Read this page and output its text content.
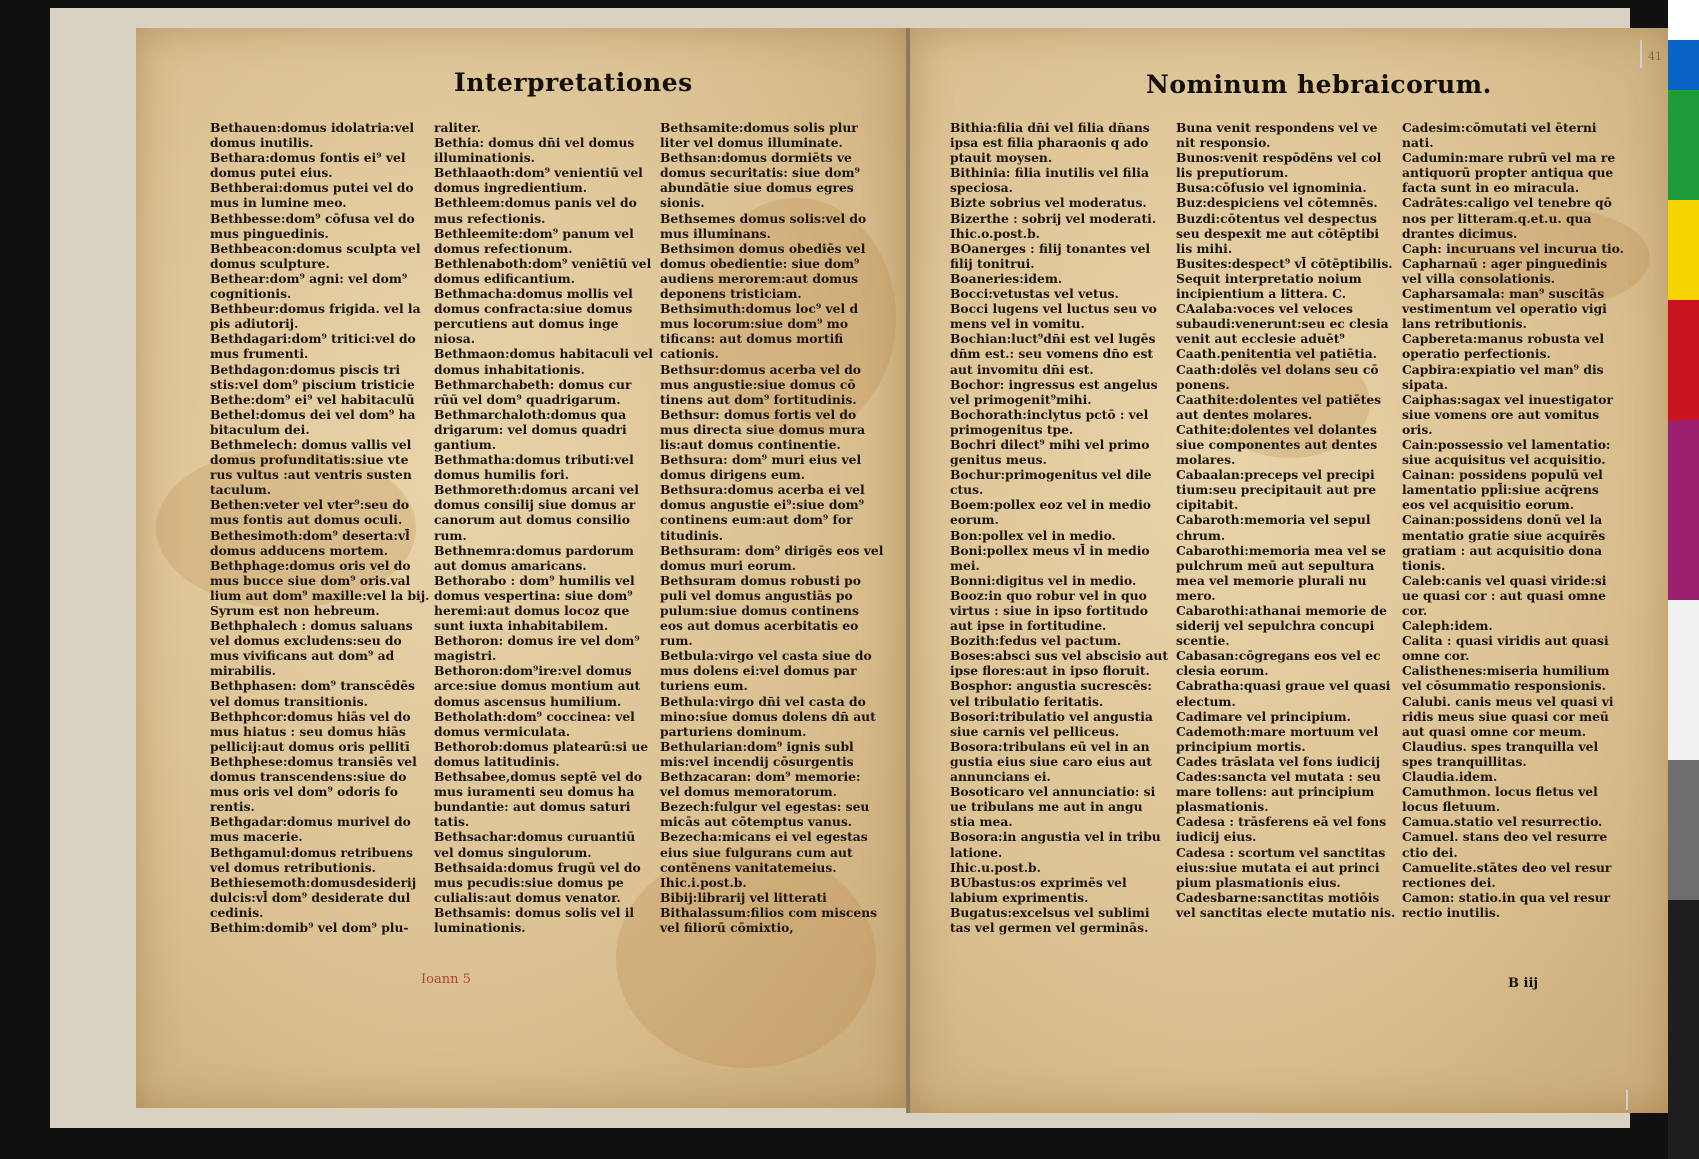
Interpretationes

Bethauen:domus idolatria:vel domus inutilis.
Bethara:domus fontis ei⁹ vel domus putei eius.
Bethberai:domus putei vel do mus in lumine meo.
Bethbesse:dom⁹ cōfusa vel do mus pinguedinis.
Bethbeacon:domus sculpta vel domus sculpture.
Bethear:dom⁹ agni: vel dom⁹ cognitionis.
Bethbeur:domus frigida. vel la pis adiutorij.
Bethdagari:dom⁹ tritici:vel do mus frumenti.
Bethdagon:domus piscis tri stis:vel dom⁹ piscium tristicie
Bethe:dom⁹ ei⁹ vel habitaculū
Bethel:domus dei vel dom⁹ ha bitaculum dei.
Bethmelech: domus vallis vel domus profunditatis:siue vte rus vultus :aut ventris susten taculum.
Bethen:veter vel vter⁹:seu do mus fontis aut domus oculi.
Bethesimoth:dom⁹ deserta:vl̄ domus adducens mortem.
Bethphage:domus oris vel do mus bucce siue dom⁹ oris.val lium aut dom⁹ maxille:vel la bij. Syrum est non hebreum.
Bethphalech : domus saluans vel domus excludens:seu do mus vivificans aut dom⁹ ad mirabilis.
Bethphasen: dom⁹ transcēdēs vel domus transitionis.
Bethphcor:domus hiās vel do mus hiatus : seu domus hiās pellicij:aut domus oris pellitī
Bethphese:domus transiēs vel domus transcendens:siue do mus oris vel dom⁹ odoris fo rentis.
Bethgadar:domus murivel do mus macerie.
Bethgamul:domus retribuens vel domus retributionis.
Bethiesemoth:domusdesiderij dulcis:vl̄ dom⁹ desiderate dul cedinis.
Bethim:domib⁹ vel dom⁹ plu-

raliter.
Bethia: domus dn̄i vel domus illuminationis.
Bethlaaoth:dom⁹ venientiū vel domus ingredientium.
Bethleem:domus panis vel do mus refectionis.
Bethleemite:dom⁹ panum vel domus refectionum.
Bethlenaboth:dom⁹ veniētiū vel domus edificantium.
Bethmacha:domus mollis vel domus confracta:siue domus percutiens aut domus inge niosa.
Bethmaon:domus habitaculi vel domus inhabitationis.
Bethmarchabeth: domus cur rūū vel dom⁹ quadrigarum.
Bethmarchaloth:domus qua drigarum: vel domus quadri gantium.
Bethmatha:domus tributi:vel domus humilis fori.
Bethmoreth:domus arcani vel domus consilij siue domus ar canorum aut domus consilio rum.
Bethnemra:domus pardorum aut domus amaricans.
Bethorabo : dom⁹ humilis vel domus vespertina: siue dom⁹ heremi:aut domus locoz que sunt iuxta inhabitabilem.
Bethoron: domus ire vel dom⁹ magistri.
Bethoron:dom⁹ire:vel domus arce:siue domus montium aut domus ascensus humilium.
Betholath:dom⁹ coccinea: vel domus vermiculata.
Bethorob:domus platearū:si ue domus latitudinis.
Bethsabee,domus septē vel do mus iuramenti seu domus ha bundantie: aut domus saturi tatis.
Bethsachar:domus curuantiū vel domus singulorum.
Bethsaida:domus frugū vel do mus pecudis:siue domus pe culialis:aut domus venator.
Bethsamis: domus solis vel il luminationis.

Bethsamite:domus solis plur liter vel domus illuminate.
Bethsan:domus dormiēts ve domus securitatis: siue dom⁹ abundātie siue domus egres sionis.
Bethsemes domus solis:vel do mus illuminans.
Bethsimon domus obediēs vel domus obedientie: siue dom⁹ audiens merorem:aut domus deponens tristiciam.
Bethsimuth:domus loc⁹ vel d mus locorum:siue dom⁹ mo tificans: aut domus mortifi cationis.
Bethsur:domus acerba vel do mus angustie:siue domus cō tinens aut dom⁹ fortitudinis.
Bethsur: domus fortis vel do mus directa siue domus mura lis:aut domus continentie.
Bethsura: dom⁹ muri eius vel domus dirigens eum.
Bethsura:domus acerba ei vel domus angustie ei⁹:siue dom⁹ continens eum:aut dom⁹ for titudinis.
Bethsuram: dom⁹ dirigēs eos vel domus muri eorum.
Bethsuram domus robusti po puli vel domus angustiās po pulum:siue domus continens eos aut domus acerbitatis eo rum.
Betbula:virgo vel casta siue do mus dolens ei:vel domus par turiens eum.
Bethula:virgo dn̄i vel casta do mino:siue domus dolens dn̄ aut parturiens dominum.
Bethularian:dom⁹ ignis subl mis:vel incendij cōsurgentis
Bethzacaran: dom⁹ memorie: vel domus memoratorum.
Bezech:fulgur vel egestas: seu micās aut cōtemptus vanus.
Bezecha:micans ei vel egestas eius siue fulgurans cum aut contēnens vanitatemeius.
Ihic.i.post.b.
Bibij:librarij vel litterati Bithalassum:filios com miscens vel filiorū cōmixtio,

Ioann 5
Nominum hebraicorum.
41

Bithia:filia dn̄i vel filia dn̄ans ipsa est filia pharaonis q ado ptauit moysen.
Bithinia: filia inutilis vel filia speciosa.
Bizte sobrius vel moderatus.
Bizerthe : sobrij vel moderati.
Ihic.o.post.b.
BOanerges : filij tonantes vel filij tonitrui.
Boaneries:idem.
Bocci:vetustas vel vetus.
Bocci lugens vel luctus seu vo mens vel in vomitu.
Bochian:luct⁹dn̄i est vel lugēs dn̄m est.: seu vomens dn̄o est aut invomitu dn̄i est.
Bochor: ingressus est angelus vel primogenit⁹mihi.
Bochorath:inclytus pctō : vel primogenitus tpe.
Bochri dilect⁹ mihi vel primo genitus meus.
Bochur:primogenitus vel dile ctus.
Boem:pollex eoz vel in medio eorum.
Bon:pollex vel in medio.
Boni:pollex meus vl̄ in medio mei.
Bonni:digitus vel in medio.
Booz:in quo robur vel in quo virtus : siue in ipso fortitudo aut ipse in fortitudine.
Bozith:fedus vel pactum.
Boses:absci sus vel abscisio aut ipse flores:aut in ipso floruit.
Bosphor: angustia sucrescēs: vel tribulatio feritatis.
Bosori:tribulatio vel angustia siue carnis vel pelliceus.
Bosora:tribulans eū vel in an gustia eius siue caro eius aut annuncians ei.
Bosoticaro vel annunciatio: si ue tribulans me aut in angu stia mea.
Bosora:in angustia vel in tribu latione.
Ihic.u.post.b.
BUbastus:os exprimēs vel labium exprimentis.
Bugatus:excelsus vel sublimi tas vel germen vel germinās.

Buna venit respondens vel ve nit responsio.
Bunos:venit respōdēns vel col lis preputiorum.
Busa:cōfusio vel ignominia.
Buz:despiciens vel cōtemnēs.
Buzdi:cōtentus vel despectus seu despexit me aut cōtēptibi lis mihi.
Busites:despect⁹ vl̄ cōtēptibilis.
Sequit interpretatio noium incipientium a littera. C.
CAalaba:voces vel veloces subaudi:venerunt:seu ec clesia venit aut ecclesie aduēt⁹
Caath.penitentia vel patiētia.
Caath:dolēs vel dolans seu cō ponens.
Caathite:dolentes vel patiētes aut dentes molares.
Cathite:dolentes vel dolantes siue componentes aut dentes molares.
Cabaalan:preceps vel precipi tium:seu precipitauit aut pre cipitabit.
Cabaroth:memoria vel sepul chrum.
Cabarothi:memoria mea vel se pulchrum meū aut sepultura mea vel memorie plurali nu mero.
Cabarothi:athanai memorie de siderij vel sepulchra concupi scentie.
Cabasan:cōgregans eos vel ec clesia eorum.
Cabratha:quasi graue vel quasi electum.
Cadimare vel principium.
Cademoth:mare mortuum vel principium mortis.
Cades trāslata vel fons iudicij
Cades:sancta vel mutata : seu mare tollens: aut principium plasmationis.
Cadesa : trāsferens eā vel fons iudicij eius.
Cadesa : scortum vel sanctitas eius:siue mutata ei aut princi pium plasmationis eius.
Cadesbarne:sanctitas motiōis vel sanctitas electe mutatio nis.

Cadesim:cōmutati vel ēterni nati.
Cadumin:mare rubrū vel ma re antiquorū propter antiqua que facta sunt in eo miracula.
Cadrātes:caligo vel tenebre qō nos per litteram.q.et.u. qua drantes dicimus.
Caph: incuruans vel incurua tio.
Capharnaū : ager pinguedinis vel villa consolationis.
Capharsamala: man⁹ suscitās vestimentum vel operatio vigi lans retributionis.
Capbereta:manus robusta vel operatio perfectionis.
Capbira:expiatio vel man⁹ dis sipata.
Caiphas:sagax vel inuestigator siue vomens ore aut vomitus oris.
Cain:possessio vel lamentatio: siue acquisitus vel acquisitio.
Cainan: possidens populū vel lamentatio ppl̄i:siue acq̄rens eos vel acquisitio eorum.
Cainan:possidens donū vel la mentatio gratie siue acquirēs gratiam : aut acquisitio dona tionis.
Caleb:canis vel quasi viride:si ue quasi cor : aut quasi omne cor.
Caleph:idem.
Calita : quasi viridis aut quasi omne cor.
Calisthenes:miseria humilium vel cōsummatio responsionis.
Calubi. canis meus vel quasi vi ridis meus siue quasi cor meū aut quasi omne cor meum.
Claudius. spes tranquilla vel spes tranquillitas.
Claudia.idem.
Camuthmon. locus fletus vel locus fletuum.
Camua.statio vel resurrectio.
Camuel. stans deo vel resurre ctio dei.
Camuelite.stātes deo vel resur rectiones dei.
Camon: statio.in qua vel resur rectio inutilis.

B iij
